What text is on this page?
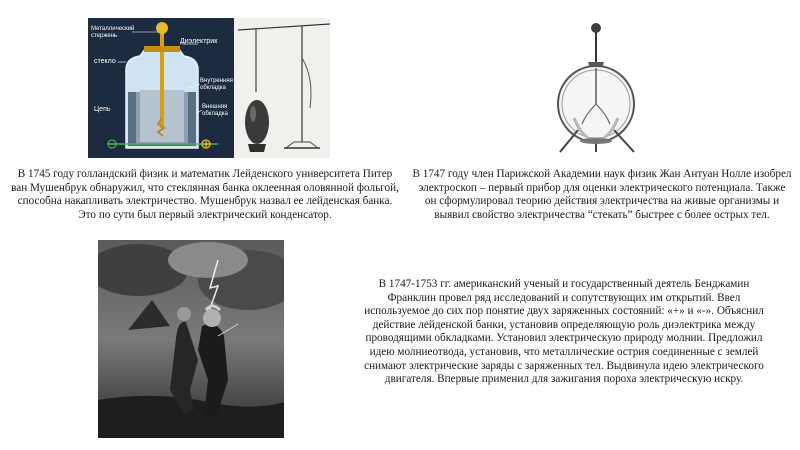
Металлический стержень
Диэлектрик
стекло
Внутренняя обкладка
Внешняя обкладка
Цепь

В 1745 году голландский физик и математик Лейденского университета Питер ван Мушенбрук обнаружил, что стеклянная банка оклеенная оловянной фольгой, способна накапливать электричество. Мушенбрук назвал ее лейденская банка. Это по сути был первый электрический конденсатор.

В 1747 году член Парижской Академии наук физик Жан Антуан Нолле изобрел электроскоп – первый прибор для оценки электрического потенциала. Также он сформулировал теорию действия электричества на живые организмы и выявил свойство электричества “стекать” быстрее с более острых тел.

В 1747-1753 гг. американский ученый и государственный деятель Бенджамин Франклин провел ряд исследований и сопутствующих им открытий. Ввел используемое до сих пор понятие двух заряженных состояний: «+» и «-». Объяснил действие лейденской банки, установив определяющую роль диэлектрика между проводящими обкладками. Установил электрическую природу молнии. Предложил идею молниеотвода, установив, что металлические острия соединенные с землей снимают электрические заряды с заряженных тел. Выдвинула идею электрического двигателя. Впервые применил для зажигания пороха электрическую искру.
